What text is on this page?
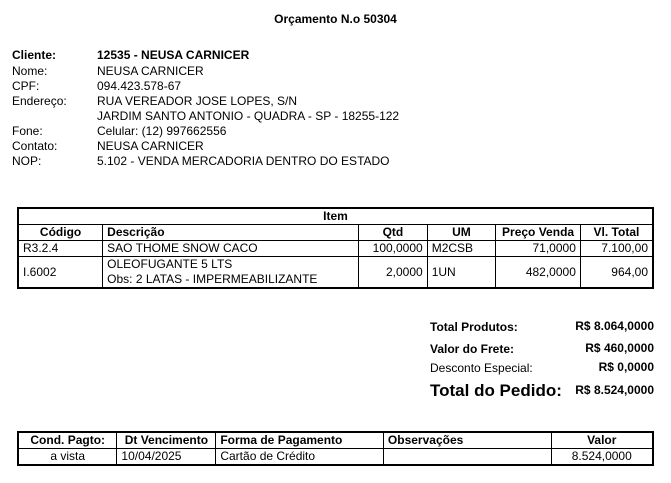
Orçamento N.o 50304
Cliente:	12535 - NEUSA CARNICER
Nome:	NEUSA CARNICER
CPF:	094.423.578-67
Endereço:	RUA VEREADOR JOSE LOPES, S/N
JARDIM SANTO ANTONIO - QUADRA - SP - 18255-122
Fone:	Celular: (12) 997662556
Contato:	NEUSA CARNICER
NOP:	5.102 - VENDA MERCADORIA DENTRO DO ESTADO
Item					
Código	Descrição	Qtd	UM	Preço Venda	Vl. Total
R3.2.4	SAO THOME SNOW CACO	100,0000	M2CSB	71,0000	7.100,00
I.6002	OLEOFUGANTE 5 LTS
Obs: 2 LATAS - IMPERMEABILIZANTE	2,0000	1UN	482,0000	964,00
Total Produtos:	R$ 8.064,0000
Valor do Frete:	R$ 460,0000
Desconto Especial:	R$ 0,0000
Total do Pedido: R$ 8.524,0000
Cond. Pagto:	Dt Vencimento	Forma de Pagamento	Observações	Valor
a vista	10/04/2025	Cartão de Crédito		8.524,0000
